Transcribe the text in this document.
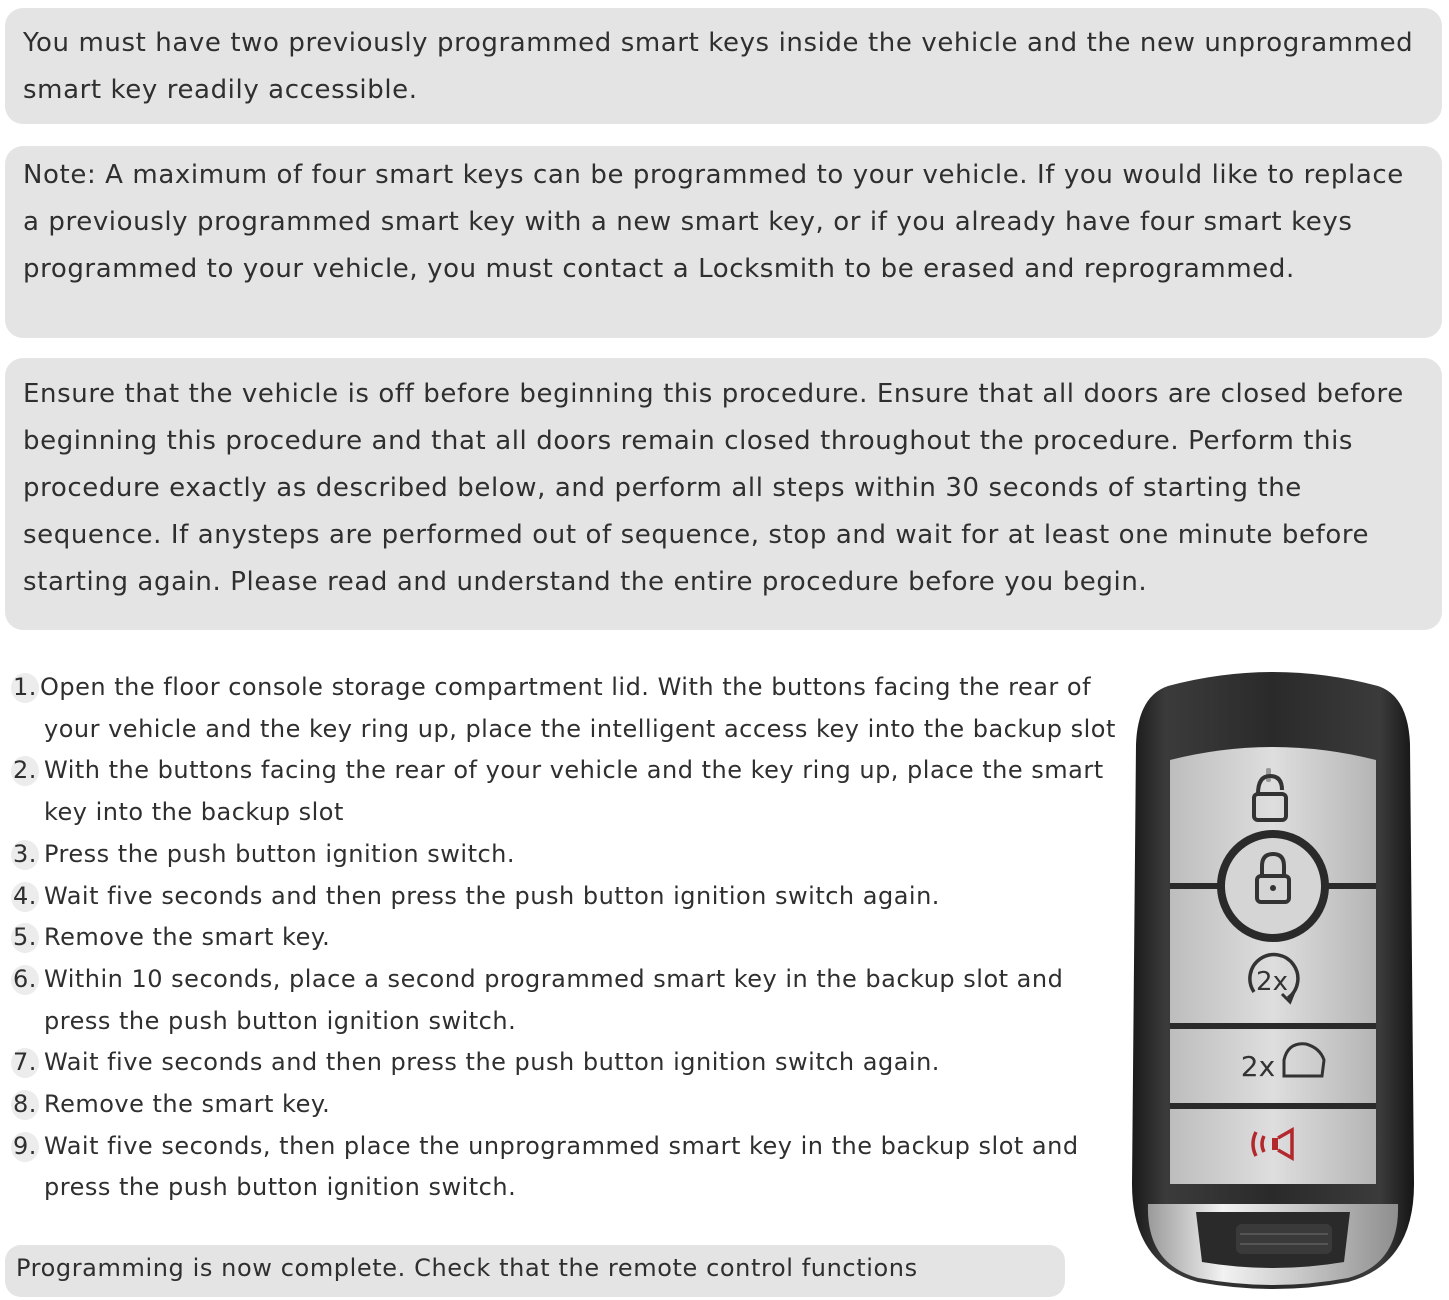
You must have two previously programmed smart keys inside the vehicle and the new unprogrammed smart key readily accessible.
Note: A maximum of four smart keys can be programmed to your vehicle. If you would like to replace a previously programmed smart key with a new smart key, or if you already have four smart keys programmed to your vehicle, you must contact a Locksmith to be erased and reprogrammed.
Ensure that the vehicle is off before beginning this procedure. Ensure that all doors are closed before beginning this procedure and that all doors remain closed throughout the procedure. Perform this procedure exactly as described below, and perform all steps within 30 seconds of starting the sequence. If anysteps are performed out of sequence, stop and wait for at least one minute before starting again. Please read and understand the entire procedure before you begin.
1. Open the floor console storage compartment lid. With the buttons facing the rear of
your vehicle and the key ring up, place the intelligent access key into the backup slot
2. With the buttons facing the rear of your vehicle and the key ring up, place the smart
key into the backup slot
3. Press the push button ignition switch.
4. Wait five seconds and then press the push button ignition switch again.
5. Remove the smart key.
6. Within 10 seconds, place a second programmed smart key in the backup slot and
press the push button ignition switch.
7. Wait five seconds and then press the push button ignition switch again.
8. Remove the smart key.
9. Wait five seconds, then place the unprogrammed smart key in the backup slot and
press the push button ignition switch.
Programming is now complete. Check that the remote control functions
2x
2x
